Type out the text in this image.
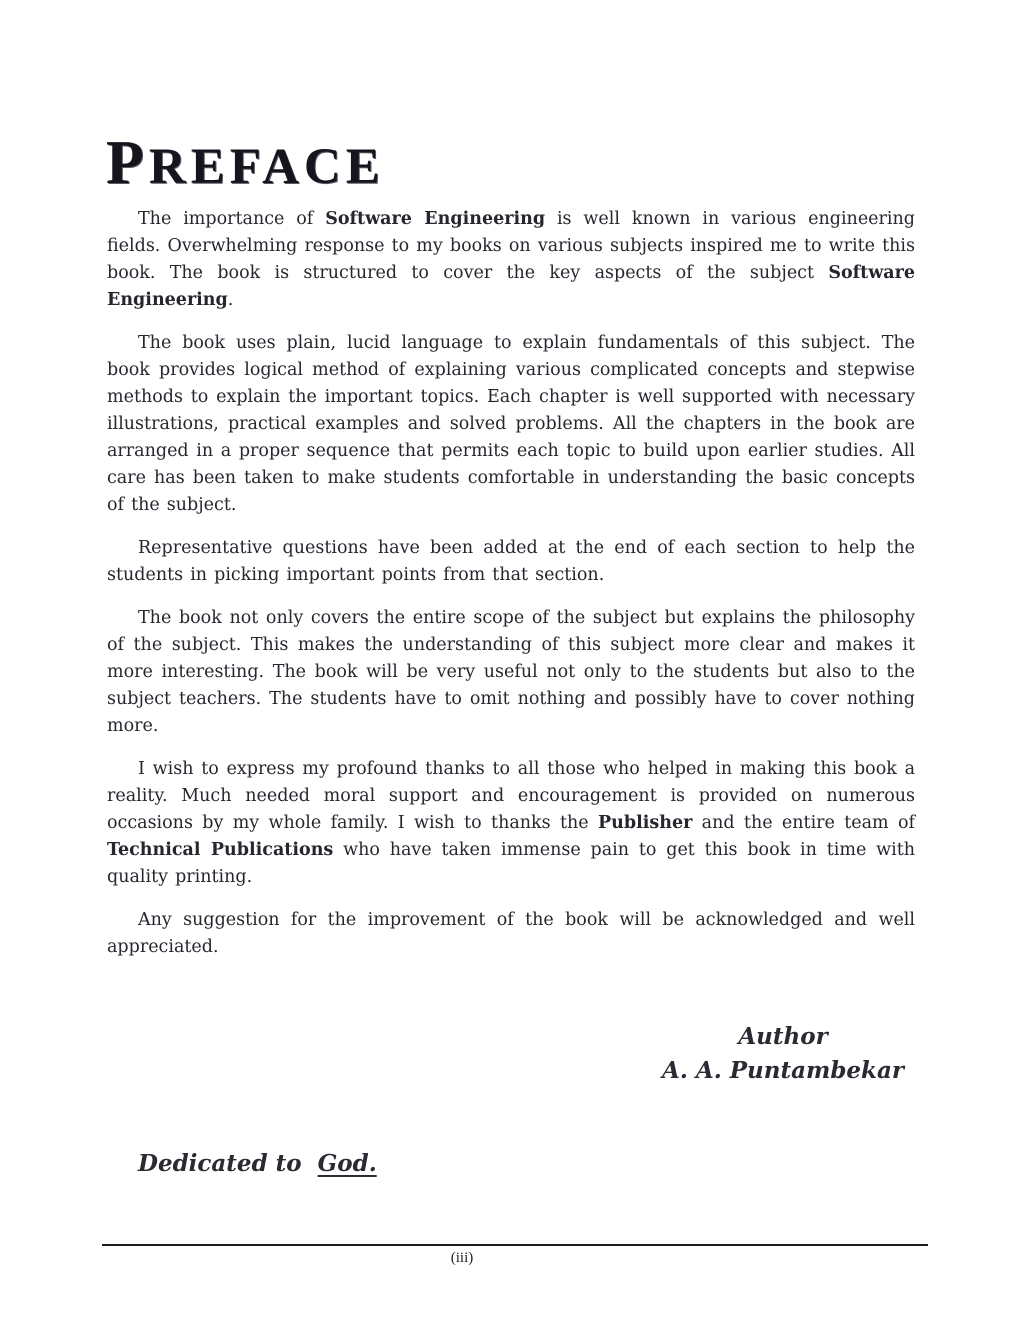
PREFACE

The importance of Software Engineering is well known in various engineering fields. Overwhelming response to my books on various subjects inspired me to write this book. The book is structured to cover the key aspects of the subject Software Engineering.

The book uses plain, lucid language to explain fundamentals of this subject. The book provides logical method of explaining various complicated concepts and stepwise methods to explain the important topics. Each chapter is well supported with necessary illustrations, practical examples and solved problems. All the chapters in the book are arranged in a proper sequence that permits each topic to build upon earlier studies. All care has been taken to make students comfortable in understanding the basic concepts of the subject.

Representative questions have been added at the end of each section to help the students in picking important points from that section.

The book not only covers the entire scope of the subject but explains the philosophy of the subject. This makes the understanding of this subject more clear and makes it more interesting. The book will be very useful not only to the students but also to the subject teachers. The students have to omit nothing and possibly have to cover nothing more.

I wish to express my profound thanks to all those who helped in making this book a reality. Much needed moral support and encouragement is provided on numerous occasions by my whole family. I wish to thanks the Publisher and the entire team of Technical Publications who have taken immense pain to get this book in time with quality printing.

Any suggestion for the improvement of the book will be acknowledged and well appreciated.

Author
A. A. Puntambekar
Dedicated to God.
(iii)
